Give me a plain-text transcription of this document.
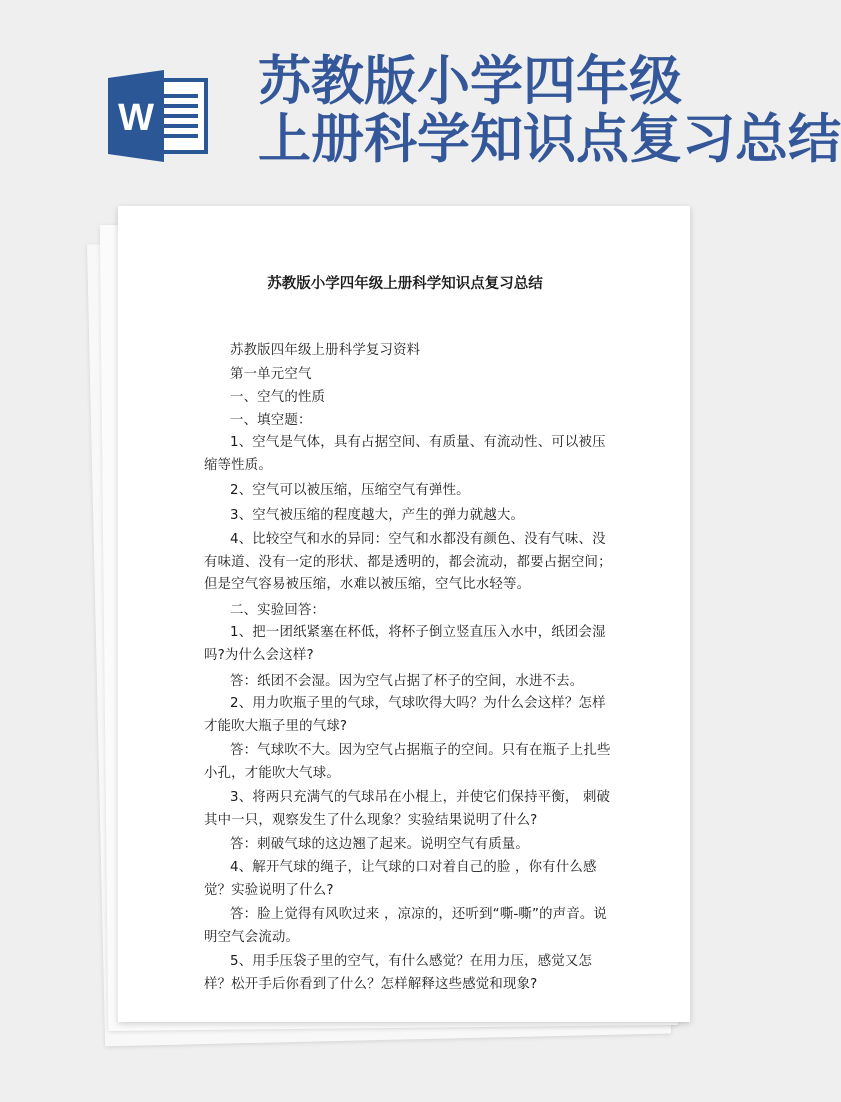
W
苏教版小学四年级
上册科学知识点复习总结
苏教版小学四年级上册科学知识点复习总结
苏教版四年级上册科学复习资料
第一单元空气
一、空气的性质
一、填空题：
1、空气是气体，具有占据空间、有质量、有流动性、可以被压缩等性质。
2、空气可以被压缩，压缩空气有弹性。
3、空气被压缩的程度越大，产生的弹力就越大。
4、比较空气和水的异同：空气和水都没有颜色、没有气味、没有味道、没有一定的形状、都是透明的，都会流动，都要占据空间；但是空气容易被压缩，水难以被压缩，空气比水轻等。
二、实验回答：
1、把一团纸紧塞在杯低，将杯子倒立竖直压入水中，纸团会湿吗?为什么会这样?
答：纸团不会湿。因为空气占据了杯子的空间，水进不去。
2、用力吹瓶子里的气球，气球吹得大吗？为什么会这样？怎样才能吹大瓶子里的气球?
答：气球吹不大。因为空气占据瓶子的空间。只有在瓶子上扎些小孔，才能吹大气球。
3、将两只充满气的气球吊在小棍上，并使它们保持平衡， 刺破其中一只，观察发生了什么现象？实验结果说明了什么?
答：刺破气球的这边翘了起来。说明空气有质量。
4、解开气球的绳子，让气球的口对着自己的脸 ，你有什么感觉？实验说明了什么?
答：脸上觉得有风吹过来 ，凉凉的，还听到“嘶-嘶”的声音。说明空气会流动。
5、用手压袋子里的空气，有什么感觉？在用力压，感觉又怎样？松开手后你看到了什么？怎样解释这些感觉和现象?
